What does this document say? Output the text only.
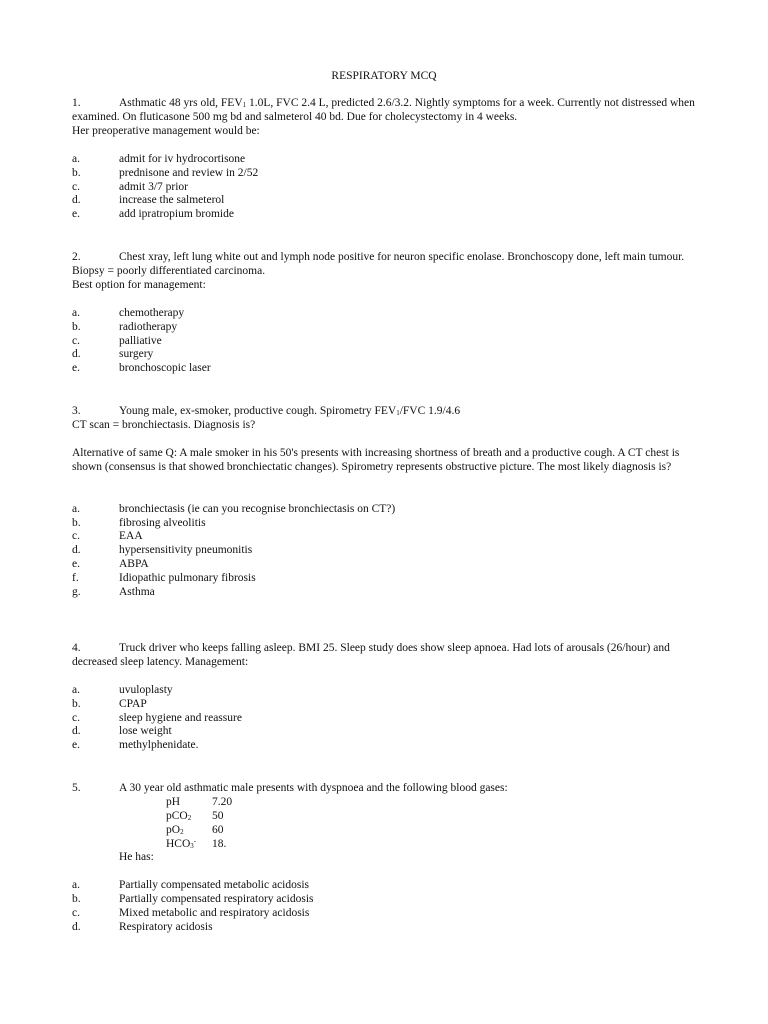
RESPIRATORY MCQ
1.	Asthmatic 48 yrs old, $FEV_1$ 1.0L, FVC 2.4 L, predicted 2.6/3.2. Nightly symptoms for a week. Currently not distressed when examined. On fluticasone 500 mg bd and salmeterol 40 bd. Due for cholecystectomy in 4 weeks.
Her preoperative management would be:
a.	admit for iv hydrocortisone
b.	prednisone and review in 2/52
c.	admit 3/7 prior
d.	increase the salmeterol
e.	add ipratropium bromide
2.	Chest xray, left lung white out and lymph node positive for neuron specific enolase. Bronchoscopy done, left main tumour. Biopsy = poorly differentiated carcinoma.
Best option for management:
a.	chemotherapy
b.	radiotherapy
c.	palliative
d.	surgery
e.	bronchoscopic laser
3.	Young male, ex-smoker, productive cough. Spirometry $FEV_1$/FVC 1.9/4.6
CT scan = bronchiectasis. Diagnosis is?
Alternative of same Q: A male smoker in his 50's presents with increasing shortness of breath and a productive cough. A CT chest is shown (consensus is that showed bronchiectatic changes). Spirometry represents obstructive picture. The most likely diagnosis is?
a.	bronchiectasis (ie can you recognise bronchiectasis on CT?)
b.	fibrosing alveolitis
c.	EAA
d.	hypersensitivity pneumonitis
e.	ABPA
f.	Idiopathic pulmonary fibrosis
g.	Asthma
4.	Truck driver who keeps falling asleep. BMI 25. Sleep study does show sleep apnoea. Had lots of arousals (26/hour) and decreased sleep latency. Management:
a.	uvuloplasty
b.	CPAP
c.	sleep hygiene and reassure
d.	lose weight
e.	methylphenidate.
5.	A 30 year old asthmatic male presents with dyspnoea and the following blood gases:
pH	7.20
pCO$_2$ 50
$pO_2$ 60
$HCO_3^-$ 18.
He has:
a.	Partially compensated metabolic acidosis
b.	Partially compensated respiratory acidosis
c.	Mixed metabolic and respiratory acidosis
d.	Respiratory acidosis
